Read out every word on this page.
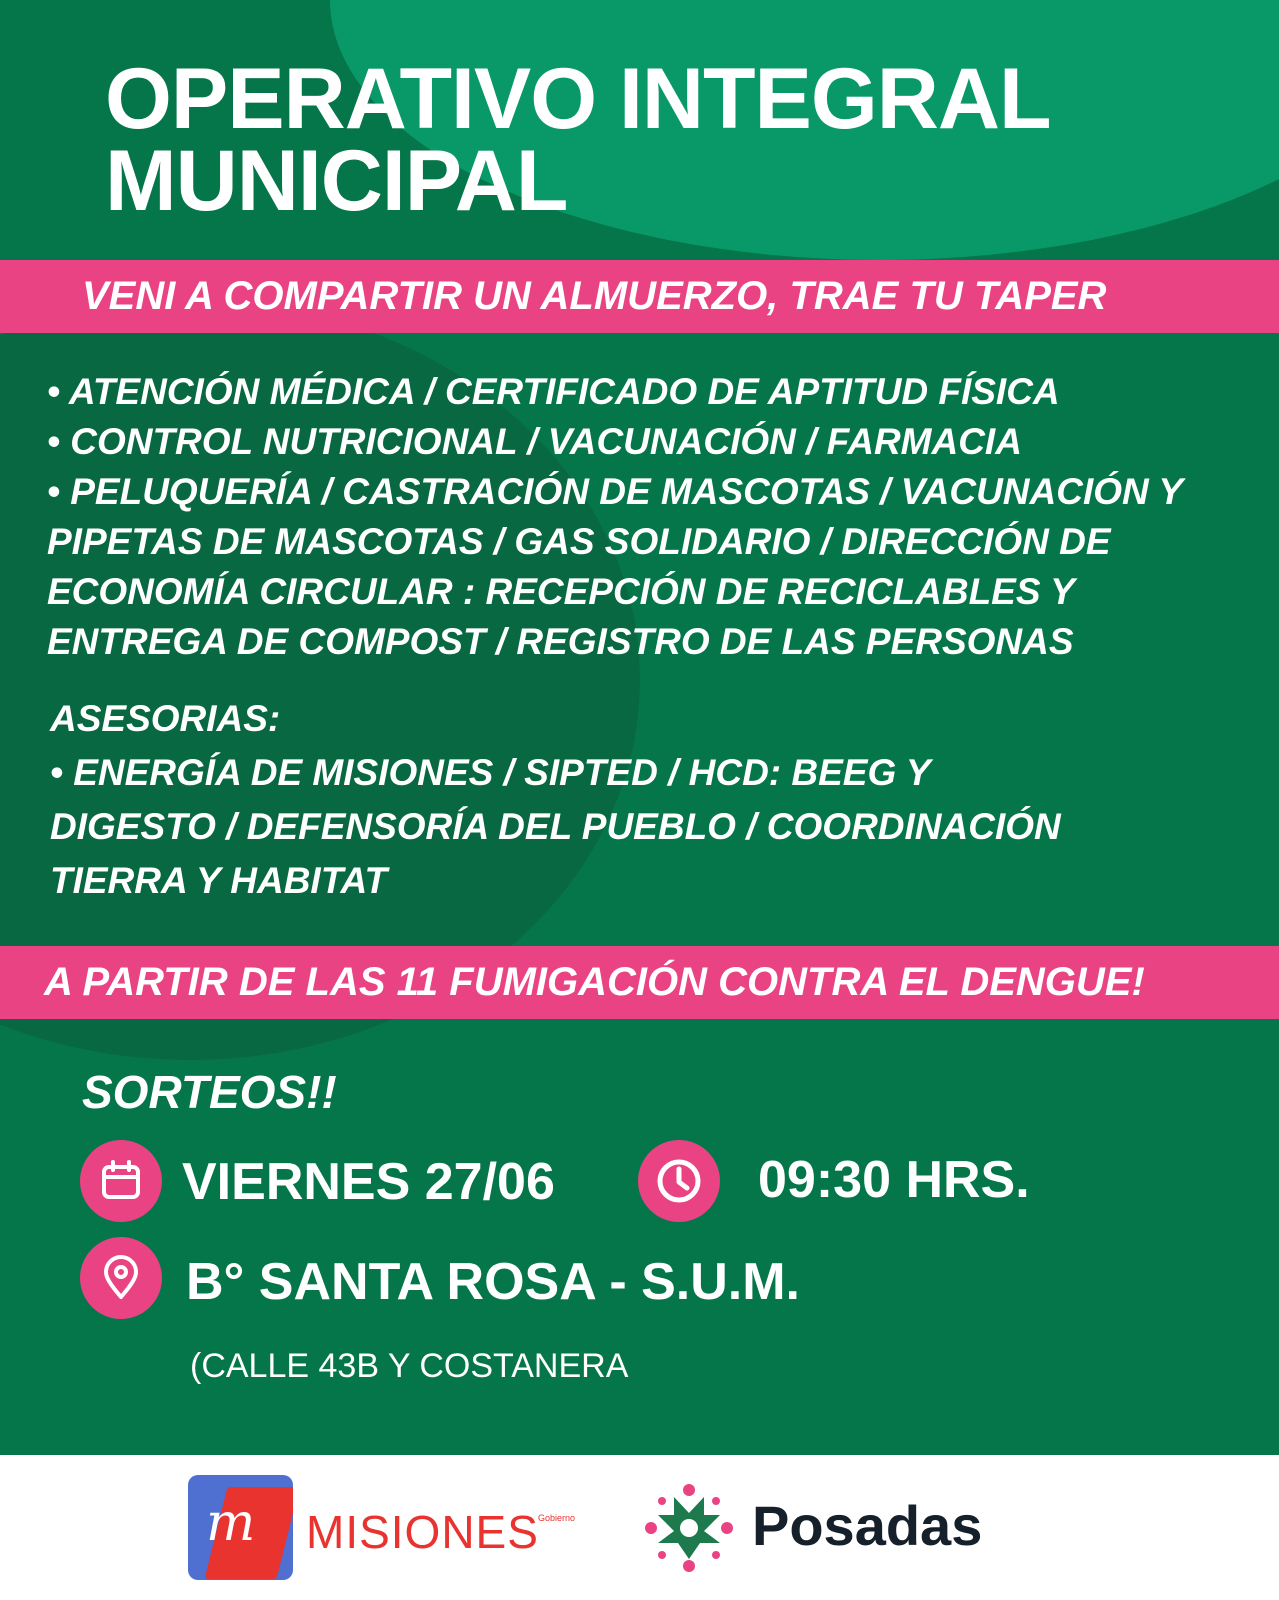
OPERATIVO INTEGRAL
MUNICIPAL
VENI A COMPARTIR UN ALMUERZO, TRAE TU TAPER
• ATENCIÓN MÉDICA / CERTIFICADO DE APTITUD FÍSICA
• CONTROL NUTRICIONAL / VACUNACIÓN / FARMACIA
• PELUQUERÍA / CASTRACIÓN DE MASCOTAS / VACUNACIÓN Y
PIPETAS DE MASCOTAS / GAS SOLIDARIO / DIRECCIÓN DE
ECONOMÍA CIRCULAR : RECEPCIÓN DE RECICLABLES Y
ENTREGA DE COMPOST / REGISTRO DE LAS PERSONAS
ASESORIAS:
• ENERGÍA DE MISIONES / SIPTED / HCD: BEEG Y
DIGESTO / DEFENSORÍA DEL PUEBLO / COORDINACIÓN
TIERRA Y HABITAT
A PARTIR DE LAS 11 FUMIGACIÓN CONTRA EL DENGUE!
SORTEOS!!
VIERNES 27/06	09:30 HRS.
B° SANTA ROSA - S.U.M.
(CALLE 43B Y COSTANERA
m MISIONES Gobierno	Posadas
